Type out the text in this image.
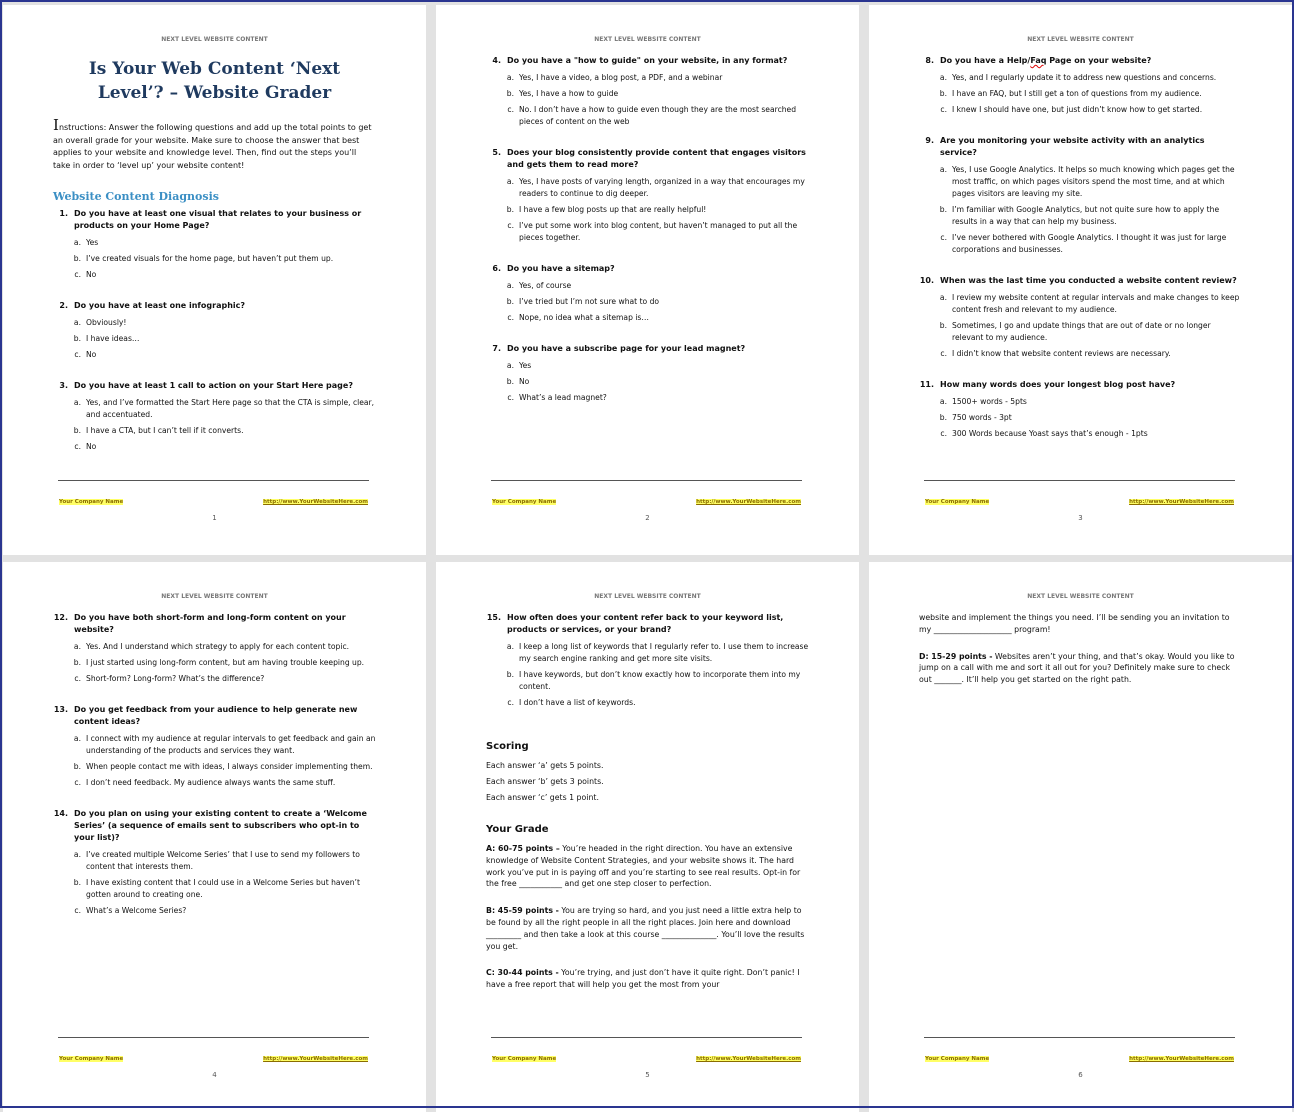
NEXT LEVEL WEBSITE CONTENT
Is Your Web Content ‘Next Level’? – Website Grader
Instructions: Answer the following questions and add up the total points to get an overall grade for your website. Make sure to choose the answer that best applies to your website and knowledge level. Then, find out the steps you’ll take in order to ‘level up’ your website content!
Website Content Diagnosis
1. Do you have at least one visual that relates to your business or products on your Home Page?
a. Yes
b. I’ve created visuals for the home page, but haven’t put them up.
c. No
2. Do you have at least one infographic?
a. Obviously!
b. I have ideas…
c. No
3. Do you have at least 1 call to action on your Start Here page?
a. Yes, and I’ve formatted the Start Here page so that the CTA is simple, clear, and accentuated.
b. I have a CTA, but I can’t tell if it converts.
c. No
Your Company Name	http://www.YourWebsiteHere.com
1
NEXT LEVEL WEBSITE CONTENT
4. Do you have a "how to guide" on your website, in any format?
a. Yes, I have a video, a blog post, a PDF, and a webinar
b. Yes, I have a how to guide
c. No. I don’t have a how to guide even though they are the most searched pieces of content on the web
5. Does your blog consistently provide content that engages visitors and gets them to read more?
a. Yes, I have posts of varying length, organized in a way that encourages my readers to continue to dig deeper.
b. I have a few blog posts up that are really helpful!
c. I’ve put some work into blog content, but haven’t managed to put all the pieces together.
6. Do you have a sitemap?
a. Yes, of course
b. I’ve tried but I’m not sure what to do
c. Nope, no idea what a sitemap is…
7. Do you have a subscribe page for your lead magnet?
a. Yes
b. No
c. What’s a lead magnet?
Your Company Name	http://www.YourWebsiteHere.com
2
NEXT LEVEL WEBSITE CONTENT
8. Do you have a Help/Faq Page on your website?
a. Yes, and I regularly update it to address new questions and concerns.
b. I have an FAQ, but I still get a ton of questions from my audience.
c. I knew I should have one, but just didn’t know how to get started.
9. Are you monitoring your website activity with an analytics service?
a. Yes, I use Google Analytics. It helps so much knowing which pages get the most traffic, on which pages visitors spend the most time, and at which pages visitors are leaving my site.
b. I’m familiar with Google Analytics, but not quite sure how to apply the results in a way that can help my business.
c. I’ve never bothered with Google Analytics. I thought it was just for large corporations and businesses.
10. When was the last time you conducted a website content review?
a. I review my website content at regular intervals and make changes to keep content fresh and relevant to my audience.
b. Sometimes, I go and update things that are out of date or no longer relevant to my audience.
c. I didn’t know that website content reviews are necessary.
11. How many words does your longest blog post have?
a. 1500+ words - 5pts
b. 750 words - 3pt
c. 300 Words because Yoast says that’s enough - 1pts
Your Company Name	http://www.YourWebsiteHere.com
3
NEXT LEVEL WEBSITE CONTENT
12. Do you have both short-form and long-form content on your website?
a. Yes. And I understand which strategy to apply for each content topic.
b. I just started using long-form content, but am having trouble keeping up.
c. Short-form? Long-form? What’s the difference?
13. Do you get feedback from your audience to help generate new content ideas?
a. I connect with my audience at regular intervals to get feedback and gain an understanding of the products and services they want.
b. When people contact me with ideas, I always consider implementing them.
c. I don’t need feedback. My audience always wants the same stuff.
14. Do you plan on using your existing content to create a ‘Welcome Series’ (a sequence of emails sent to subscribers who opt-in to your list)?
a. I’ve created multiple Welcome Series’ that I use to send my followers to content that interests them.
b. I have existing content that I could use in a Welcome Series but haven’t gotten around to creating one.
c. What’s a Welcome Series?
Your Company Name	http://www.YourWebsiteHere.com
4
NEXT LEVEL WEBSITE CONTENT
15. How often does your content refer back to your keyword list, products or services, or your brand?
a. I keep a long list of keywords that I regularly refer to. I use them to increase my search engine ranking and get more site visits.
b. I have keywords, but don’t know exactly how to incorporate them into my content.
c. I don’t have a list of keywords.
Scoring
Each answer ‘a’ gets 5 points.
Each answer ‘b’ gets 3 points.
Each answer ‘c’ gets 1 point.
Your Grade
A: 60-75 points – You’re headed in the right direction. You have an extensive knowledge of Website Content Strategies, and your website shows it. The hard work you’ve put in is paying off and you’re starting to see real results. Opt-in for the free ___________ and get one step closer to perfection.
B: 45-59 points - You are trying so hard, and you just need a little extra help to be found by all the right people in all the right places. Join here and download _________ and then take a look at this course ______________. You’ll love the results you get.
C: 30-44 points - You’re trying, and just don’t have it quite right. Don’t panic! I have a free report that will help you get the most from your
Your Company Name	http://www.YourWebsiteHere.com
5
NEXT LEVEL WEBSITE CONTENT
website and implement the things you need. I’ll be sending you an invitation to my ____________________ program!
D: 15-29 points - Websites aren’t your thing, and that’s okay. Would you like to jump on a call with me and sort it all out for you? Definitely make sure to check out _______. It’ll help you get started on the right path.
Your Company Name	http://www.YourWebsiteHere.com
6
